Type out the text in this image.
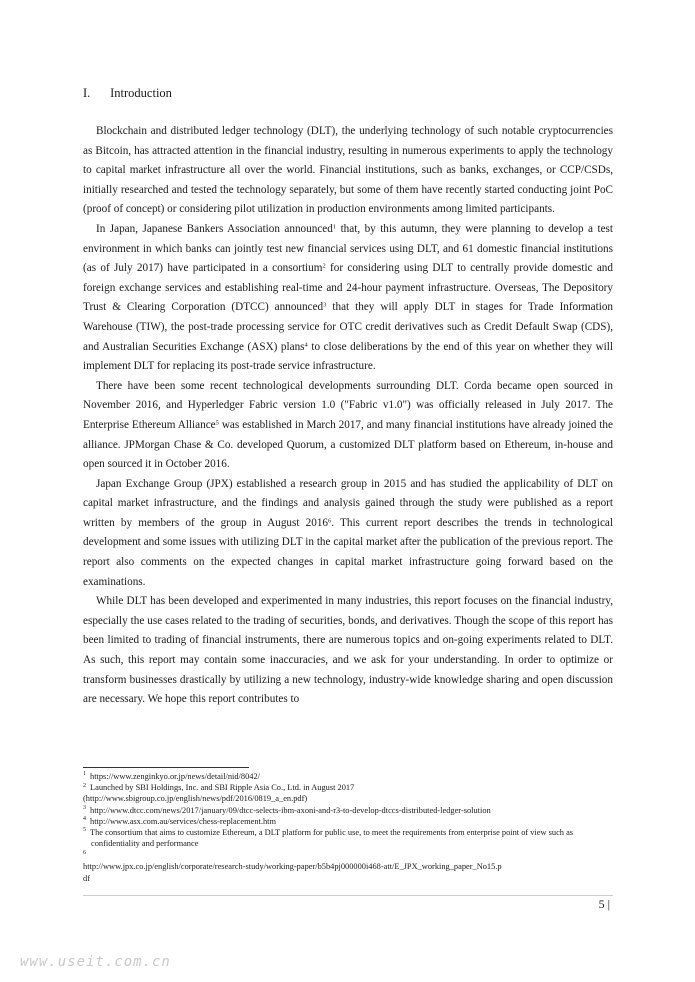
I. Introduction

Blockchain and distributed ledger technology (DLT), the underlying technology of such notable cryptocurrencies as Bitcoin, has attracted attention in the financial industry, resulting in numerous experiments to apply the technology to capital market infrastructure all over the world. Financial institutions, such as banks, exchanges, or CCP/CSDs, initially researched and tested the technology separately, but some of them have recently started conducting joint PoC (proof of concept) or considering pilot utilization in production environments among limited participants.

In Japan, Japanese Bankers Association announced$^1$ that, by this autumn, they were planning to develop a test environment in which banks can jointly test new financial services using DLT, and 61 domestic financial institutions (as of July 2017) have participated in a consortium$^2$ for considering using DLT to centrally provide domestic and foreign exchange services and establishing real-time and 24-hour payment infrastructure. Overseas, The Depository Trust & Clearing Corporation (DTCC) announced$^3$ that they will apply DLT in stages for Trade Information Warehouse (TIW), the post-trade processing service for OTC credit derivatives such as Credit Default Swap (CDS), and Australian Securities Exchange (ASX) plans$^4$ to close deliberations by the end of this year on whether they will implement DLT for replacing its post-trade service infrastructure.

There have been some recent technological developments surrounding DLT. Corda became open sourced in November 2016, and Hyperledger Fabric version 1.0 ("Fabric v1.0") was officially released in July 2017. The Enterprise Ethereum Alliance$^5$ was established in March 2017, and many financial institutions have already joined the alliance. JPMorgan Chase & Co. developed Quorum, a customized DLT platform based on Ethereum, in-house and open sourced it in October 2016.

Japan Exchange Group (JPX) established a research group in 2015 and has studied the applicability of DLT on capital market infrastructure, and the findings and analysis gained through the study were published as a report written by members of the group in August 2016$^6$. This current report describes the trends in technological development and some issues with utilizing DLT in the capital market after the publication of the previous report. The report also comments on the expected changes in capital market infrastructure going forward based on the examinations.

While DLT has been developed and experimented in many industries, this report focuses on the financial industry, especially the use cases related to the trading of securities, bonds, and derivatives. Though the scope of this report has been limited to trading of financial instruments, there are numerous topics and on-going experiments related to DLT. As such, this report may contain some inaccuracies, and we ask for your understanding. In order to optimize or transform businesses drastically by utilizing a new technology, industry-wide knowledge sharing and open discussion are necessary. We hope this report contributes to

$^1$ https://www.zenginkyo.or.jp/news/detail/nid/8042/
$^2$ Launched by SBI Holdings, Inc. and SBI Ripple Asia Co., Ltd. in August 2017
(http://www.sbigroup.co.jp/english/news/pdf/2016/0819_a_en.pdf)
$^3$ http://www.dtcc.com/news/2017/january/09/dtcc-selects-ibm-axoni-and-r3-to-develop-dtccs-distributed-ledger-solution
$^4$ http://www.asx.com.au/services/chess-replacement.htm
$^5$ The consortium that aims to customize Ethereum, a DLT platform for public use, to meet the requirements from enterprise point of view such as confidentiality and performance
$^6$
http://www.jpx.co.jp/english/corporate/research-study/working-paper/b5b4pj000000i468-att/E_JPX_working_paper_No15.p
df
5 |
www.useit.com.cn
